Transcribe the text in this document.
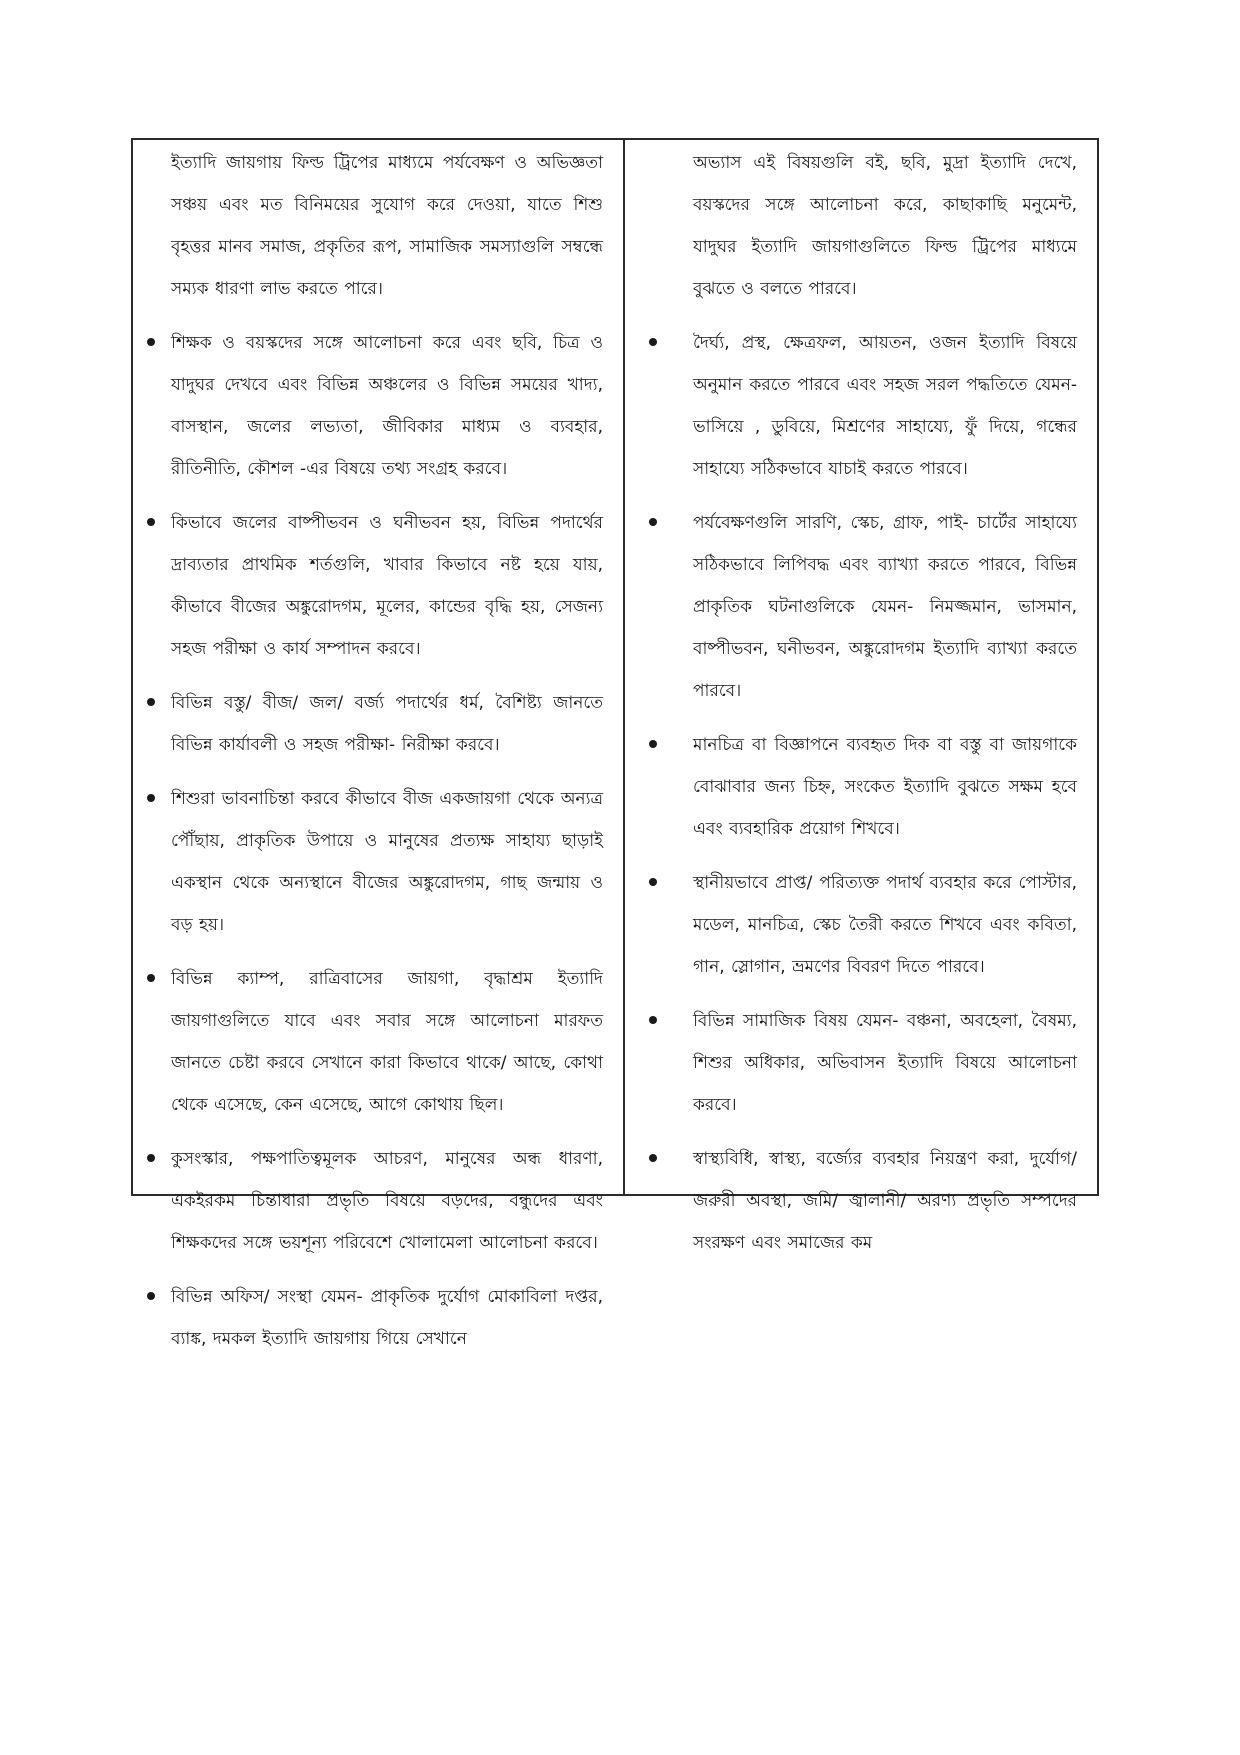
ইত্যাদি জায়গায় ফিল্ড ট্রিপের মাধ্যমে পর্যবেক্ষণ ও অভিজ্ঞতা সঞ্চয় এবং মত বিনিময়ের সুযোগ করে দেওয়া, যাতে শিশু বৃহত্তর মানব সমাজ, প্রকৃতির রূপ, সামাজিক সমস্যাগুলি সম্বন্ধে সম্যক ধারণা লাভ করতে পারে।

শিক্ষক ও বয়স্কদের সঙ্গে আলোচনা করে এবং ছবি, চিত্র ও যাদুঘর দেখবে এবং বিভিন্ন অঞ্চলের ও বিভিন্ন সময়ের খাদ্য, বাসস্থান, জলের লভ্যতা, জীবিকার মাধ্যম ও ব্যবহার, রীতিনীতি, কৌশল -এর বিষয়ে তথ্য সংগ্রহ করবে।

কিভাবে জলের বাষ্পীভবন ও ঘনীভবন হয়, বিভিন্ন পদার্থের দ্রাব্যতার প্রাথমিক শর্তগুলি, খাবার কিভাবে নষ্ট হয়ে যায়, কীভাবে বীজের অঙ্কুরোদগম, মূলের, কান্ডের বৃদ্ধি হয়, সেজন্য সহজ পরীক্ষা ও কার্য সম্পাদন করবে।

বিভিন্ন বস্তু/ বীজ/ জল/ বর্জ্য পদার্থের ধর্ম, বৈশিষ্ট্য জানতে বিভিন্ন কার্যাবলী ও সহজ পরীক্ষা- নিরীক্ষা করবে।

শিশুরা ভাবনাচিন্তা করবে কীভাবে বীজ একজায়গা থেকে অন্যত্র পৌঁছায়, প্রাকৃতিক উপায়ে ও মানুষের প্রত্যক্ষ সাহায্য ছাড়াই একস্থান থেকে অন্যস্থানে বীজের অঙ্কুরোদগম, গাছ জন্মায় ও বড় হয়।

বিভিন্ন ক্যাম্প, রাত্রিবাসের জায়গা, বৃদ্ধাশ্রম ইত্যাদি জায়গাগুলিতে যাবে এবং সবার সঙ্গে আলোচনা মারফত জানতে চেষ্টা করবে সেখানে কারা কিভাবে থাকে/ আছে, কোথা থেকে এসেছে, কেন এসেছে, আগে কোথায় ছিল।

কুসংস্কার, পক্ষপাতিত্বমূলক আচরণ, মানুষের অন্ধ ধারণা, একইরকম চিন্তাধারা প্রভৃতি বিষয়ে বড়দের, বন্ধুদের এবং শিক্ষকদের সঙ্গে ভয়শূন্য পরিবেশে খোলামেলা আলোচনা করবে।

বিভিন্ন অফিস/ সংস্থা যেমন- প্রাকৃতিক দুর্যোগ মোকাবিলা দপ্তর, ব্যাঙ্ক, দমকল ইত্যাদি জায়গায় গিয়ে সেখানে

অভ্যাস এই বিষয়গুলি বই, ছবি, মুদ্রা ইত্যাদি দেখে, বয়স্কদের সঙ্গে আলোচনা করে, কাছাকাছি মনুমেন্ট, যাদুঘর ইত্যাদি জায়গাগুলিতে ফিল্ড ট্রিপের মাধ্যমে বুঝতে ও বলতে পারবে।

দৈর্ঘ্য, প্রস্থ, ক্ষেত্রফল, আয়তন, ওজন ইত্যাদি বিষয়ে অনুমান করতে পারবে এবং সহজ সরল পদ্ধতিতে যেমন- ভাসিয়ে , ডুবিয়ে, মিশ্রণের সাহায্যে, ফুঁ দিয়ে, গন্ধের সাহায্যে সঠিকভাবে যাচাই করতে পারবে।

পর্যবেক্ষণগুলি সারণি, স্কেচ, গ্রাফ, পাই- চার্টের সাহায্যে সঠিকভাবে লিপিবদ্ধ এবং ব্যাখ্যা করতে পারবে, বিভিন্ন প্রাকৃতিক ঘটনাগুলিকে যেমন- নিমজ্জমান, ভাসমান, বাষ্পীভবন, ঘনীভবন, অঙ্কুরোদগম ইত্যাদি ব্যাখ্যা করতে পারবে।

মানচিত্র বা বিজ্ঞাপনে ব্যবহৃত দিক বা বস্তু বা জায়গাকে বোঝাবার জন্য চিহ্ন, সংকেত ইত্যাদি বুঝতে সক্ষম হবে এবং ব্যবহারিক প্রয়োগ শিখবে।

স্থানীয়ভাবে প্রাপ্ত/ পরিত্যক্ত পদার্থ ব্যবহার করে পোস্টার, মডেল, মানচিত্র, স্কেচ তৈরী করতে শিখবে এবং কবিতা, গান, স্লোগান, ভ্রমণের বিবরণ দিতে পারবে।

বিভিন্ন সামাজিক বিষয় যেমন- বঞ্চনা, অবহেলা, বৈষম্য, শিশুর অধিকার, অভিবাসন ইত্যাদি বিষয়ে আলোচনা করবে।

স্বাস্থ্যবিধি, স্বাস্থ্য, বর্জ্যের ব্যবহার নিয়ন্ত্রণ করা, দুর্যোগ/ জরুরী অবস্থা, জমি/ জ্বালানী/ অরণ্য প্রভৃতি সম্পদের সংরক্ষণ এবং সমাজের কম
